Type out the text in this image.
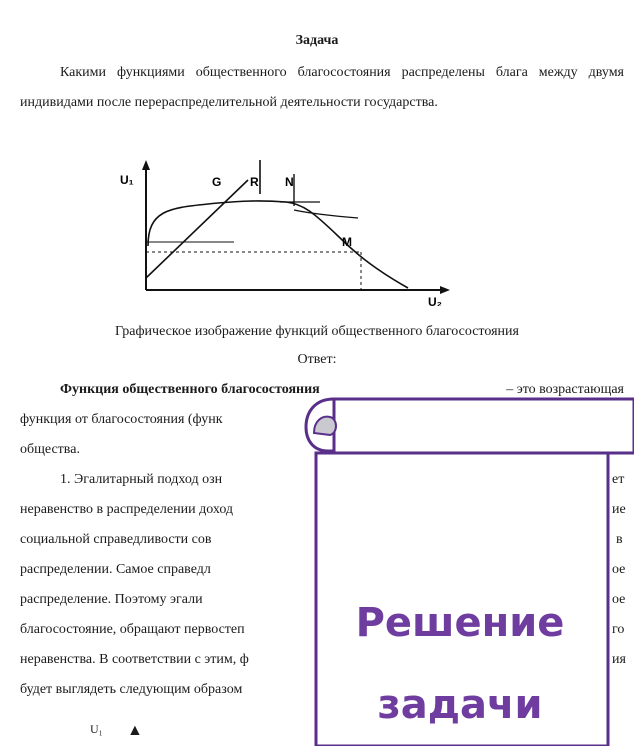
Задача

Какими функциями общественного благосостояния распределены блага между двумя индивидами после перераспределительной деятельности государства.

U₁
U₂
G R N
M
Графическое изображение функций общественного благосостояния
Ответ:
Функция общественного благосостояния	– это возрастающая
функция от благосостояния (функ
общества.
1. Эгалитарный подход озн
неравенство в распределении доход
социальной справедливости сов
распределении. Самое справедл
распределение. Поэтому эгали
благосостояние, обращают первостеп
неравенства. В соответствии с этим, ф
будет выглядеть следующим образом
ет
ие
в
ое
ое
го
ия
U₁ ▲
Решение
задачи
